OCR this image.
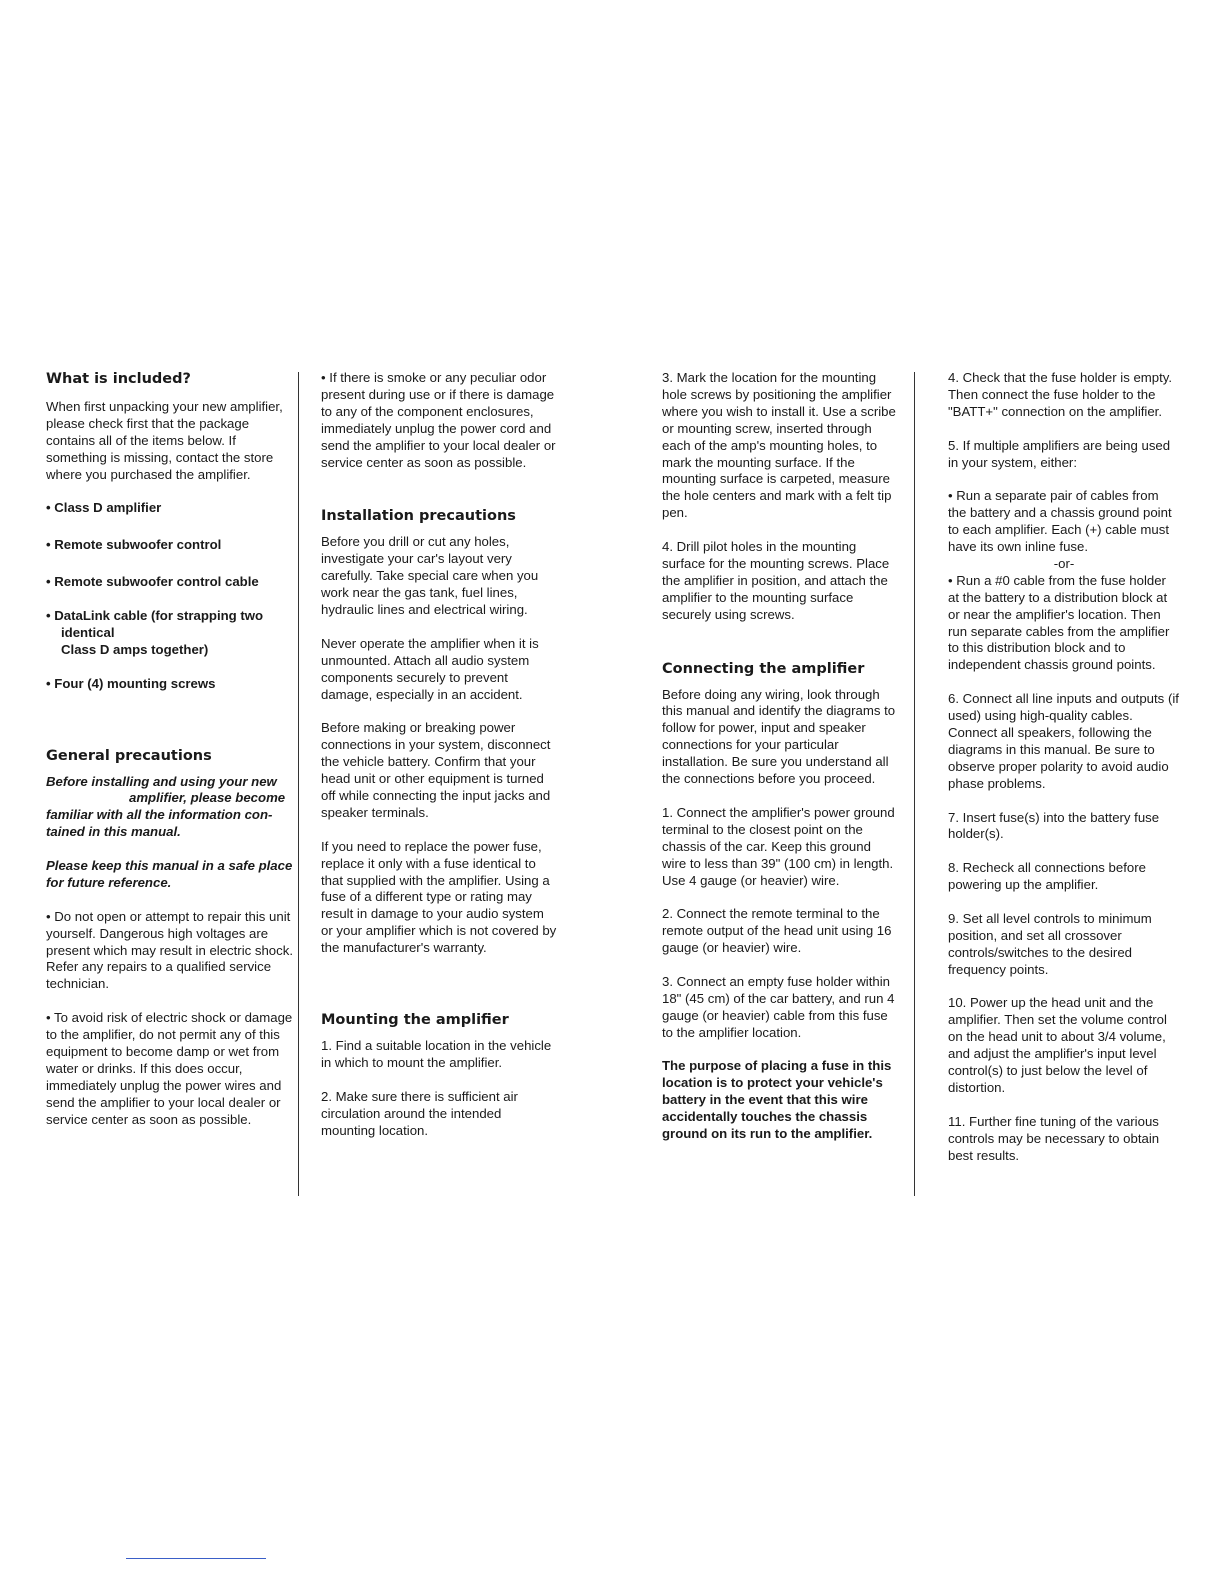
What is included?

When first unpacking your new amplifier, please check first that the package contains all of the items below. If something is missing, contact the store where you purchased the amplifier.

• Class D amplifier

• Remote subwoofer control

• Remote subwoofer control cable

• DataLink cable (for strapping two

identical

Class D amps together)

• Four (4) mounting screws

General precautions

Before installing and using your new

amplifier, please become

familiar with all the information con-

tained in this manual.

Please keep this manual in a safe place for future reference.

• Do not open or attempt to repair this unit yourself. Dangerous high voltages are present which may result in electric shock. Refer any repairs to a qualified service technician.

• To avoid risk of electric shock or damage to the amplifier, do not permit any of this equipment to become damp or wet from water or drinks. If this does occur, immediately unplug the power wires and send the amplifier to your local dealer or service center as soon as possible.

• If there is smoke or any peculiar odor present during use or if there is damage to any of the component enclosures, immediately unplug the power cord and send the amplifier to your local dealer or service center as soon as possible.

Installation precautions

Before you drill or cut any holes, investigate your car's layout very carefully. Take special care when you work near the gas tank, fuel lines, hydraulic lines and electrical wiring.

Never operate the amplifier when it is unmounted. Attach all audio system components securely to prevent damage, especially in an accident.

Before making or breaking power connections in your system, disconnect the vehicle battery. Confirm that your head unit or other equipment is turned off while connecting the input jacks and speaker terminals.

If you need to replace the power fuse, replace it only with a fuse identical to that supplied with the amplifier. Using a fuse of a different type or rating may result in damage to your audio system or your amplifier which is not covered by the manufacturer's warranty.

Mounting the amplifier

1. Find a suitable location in the vehicle in which to mount the amplifier.

2. Make sure there is sufficient air circulation around the intended mounting location.

3. Mark the location for the mounting hole screws by positioning the amplifier where you wish to install it. Use a scribe or mounting screw, inserted through each of the amp's mounting holes, to mark the mounting surface. If the mounting surface is carpeted, measure the hole centers and mark with a felt tip pen.

4. Drill pilot holes in the mounting surface for the mounting screws. Place the amplifier in position, and attach the amplifier to the mounting surface securely using screws.

Connecting the amplifier

Before doing any wiring, look through this manual and identify the diagrams to follow for power, input and speaker connections for your particular installation. Be sure you understand all the connections before you proceed.

1. Connect the amplifier's power ground terminal to the closest point on the chassis of the car. Keep this ground wire to less than 39" (100 cm) in length. Use 4 gauge (or heavier) wire.

2. Connect the remote terminal to the remote output of the head unit using 16 gauge (or heavier) wire.

3. Connect an empty fuse holder within 18" (45 cm) of the car battery, and run 4 gauge (or heavier) cable from this fuse to the amplifier location.

The purpose of placing a fuse in this location is to protect your vehicle's battery in the event that this wire accidentally touches the chassis ground on its run to the amplifier.

4. Check that the fuse holder is empty. Then connect the fuse holder to the "BATT+" connection on the amplifier.

5. If multiple amplifiers are being used in your system, either:

• Run a separate pair of cables from the battery and a chassis ground point to each amplifier. Each (+) cable must have its own inline fuse.

-or-

• Run a #0 cable from the fuse holder at the battery to a distribution block at or near the amplifier's location. Then run separate cables from the amplifier to this distribution block and to independent chassis ground points.

6. Connect all line inputs and outputs (if used) using high-quality cables. Connect all speakers, following the diagrams in this manual. Be sure to observe proper polarity to avoid audio phase problems.

7. Insert fuse(s) into the battery fuse holder(s).

8. Recheck all connections before powering up the amplifier.

9. Set all level controls to minimum position, and set all crossover controls/switches to the desired frequency points.

10. Power up the head unit and the amplifier. Then set the volume control on the head unit to about 3/4 volume, and adjust the amplifier's input level control(s) to just below the level of distortion.

11. Further fine tuning of the various controls may be necessary to obtain best results.
